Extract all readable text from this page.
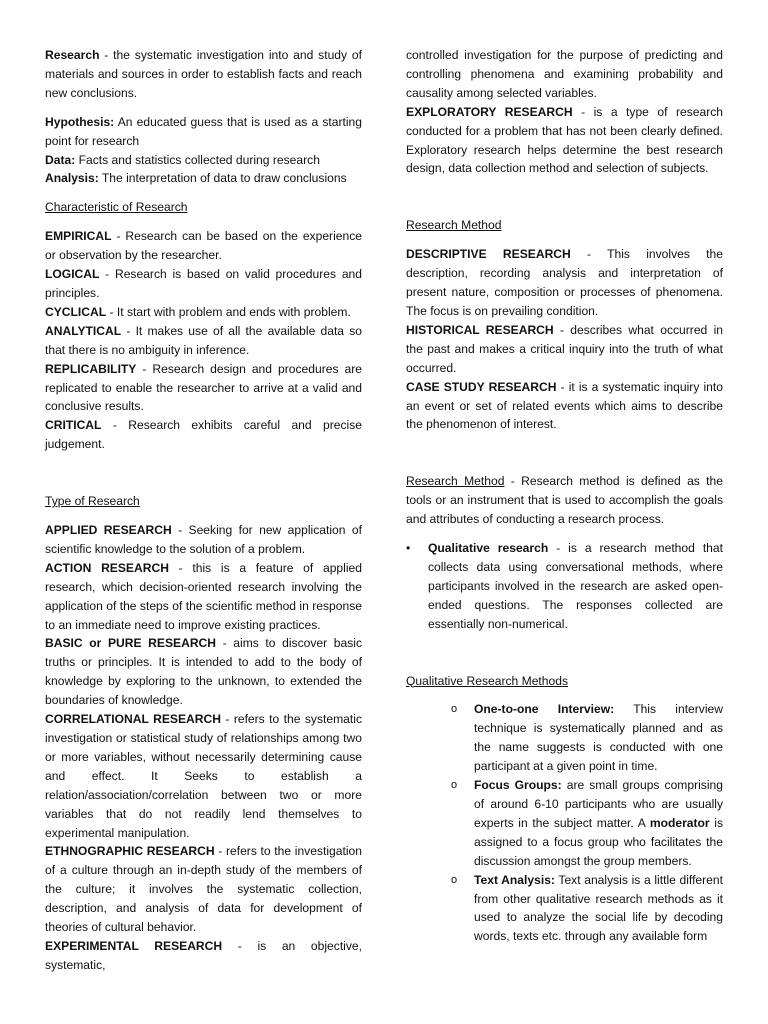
Research - the systematic investigation into and study of materials and sources in order to establish facts and reach new conclusions.

Hypothesis: An educated guess that is used as a starting point for research

Data: Facts and statistics collected during research

Analysis: The interpretation of data to draw conclusions

Characteristic of Research

EMPIRICAL - Research can be based on the experience or observation by the researcher.

LOGICAL - Research is based on valid procedures and principles.

CYCLICAL - It start with problem and ends with problem.

ANALYTICAL - It makes use of all the available data so that there is no ambiguity in inference.

REPLICABILITY - Research design and procedures are replicated to enable the researcher to arrive at a valid and conclusive results.

CRITICAL - Research exhibits careful and precise judgement.

Type of Research

APPLIED RESEARCH - Seeking for new application of scientific knowledge to the solution of a problem.

ACTION RESEARCH - this is a feature of applied research, which decision-oriented research involving the application of the steps of the scientific method in response to an immediate need to improve existing practices.

BASIC or PURE RESEARCH - aims to discover basic truths or principles. It is intended to add to the body of knowledge by exploring to the unknown, to extended the boundaries of knowledge.

CORRELATIONAL RESEARCH - refers to the systematic investigation or statistical study of relationships among two or more variables, without necessarily determining cause and effect. It Seeks to establish a relation/association/correlation between two or more variables that do not readily lend themselves to experimental manipulation.

ETHNOGRAPHIC RESEARCH - refers to the investigation of a culture through an in-depth study of the members of the culture; it involves the systematic collection, description, and analysis of data for development of theories of cultural behavior.

EXPERIMENTAL RESEARCH - is an objective, systematic,

controlled investigation for the purpose of predicting and controlling phenomena and examining probability and causality among selected variables.

EXPLORATORY RESEARCH - is a type of research conducted for a problem that has not been clearly defined. Exploratory research helps determine the best research design, data collection method and selection of subjects.

Research Method

DESCRIPTIVE RESEARCH - This involves the description, recording analysis and interpretation of present nature, composition or processes of phenomena. The focus is on prevailing condition.

HISTORICAL RESEARCH - describes what occurred in the past and makes a critical inquiry into the truth of what occurred.

CASE STUDY RESEARCH - it is a systematic inquiry into an event or set of related events which aims to describe the phenomenon of interest.

Research Method - Research method is defined as the tools or an instrument that is used to accomplish the goals and attributes of conducting a research process.

•	Qualitative research - is a research method that collects data using conversational methods, where participants involved in the research are asked open-ended questions. The responses collected are essentially non-numerical.

Qualitative Research Methods

o	One-to-one Interview: This interview technique is systematically planned and as the name suggests is conducted with one participant at a given point in time.

o	Focus Groups: are small groups comprising of around 6-10 participants who are usually experts in the subject matter. A moderator is assigned to a focus group who facilitates the discussion amongst the group members.

o	Text Analysis: Text analysis is a little different from other qualitative research methods as it used to analyze the social life by decoding words, texts etc. through any available form
